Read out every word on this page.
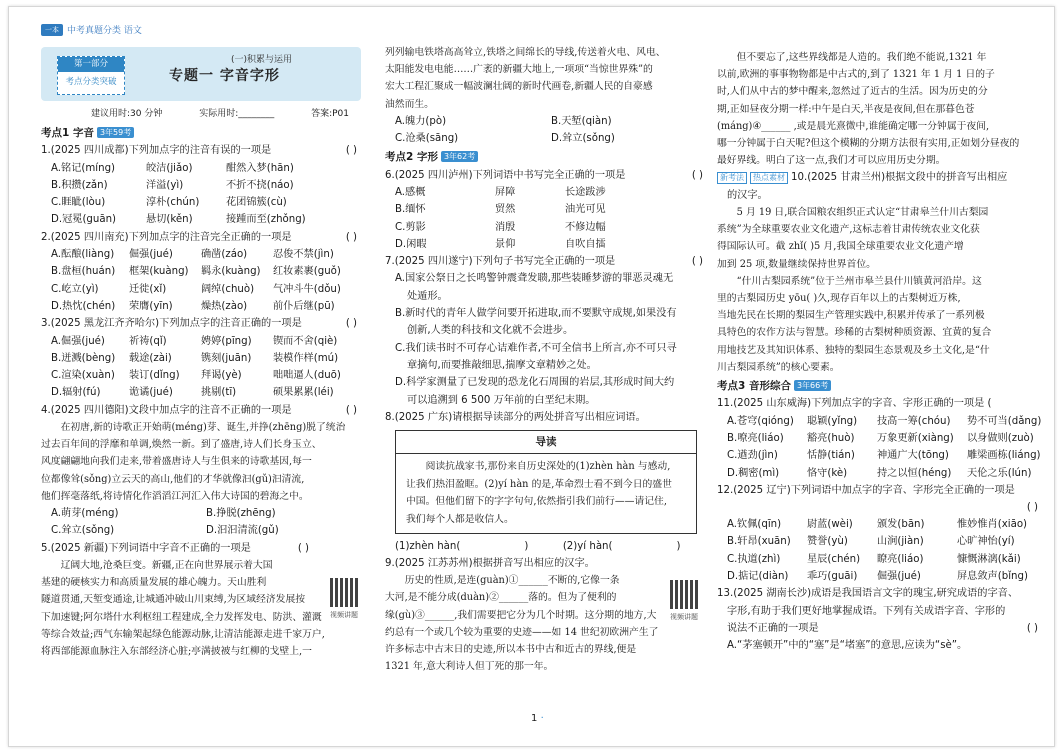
一本 中考真题分类 语文
第一部分
考点分类突破
(一)积累与运用
专题一 字音字形
建议用时:30 分钟	实际用时:________	答案:P01
考点1 字音 3年59考
1.(2025 四川成都)下列加点字的注音有误的一项是	( )
A.铭记(míng)	皎洁(jiǎo)	酣然入梦(hān)
B.积攒(zǎn)	洋溢(yì)	不折不挠(náo)
C.睚眦(lòu)	淳朴(chún)	花团锦簇(cù)
D.冠冕(guān)	悬切(kěn)	接踵而至(zhǒng)
2.(2025 四川南充)下列加点字的注音完全正确的一项是	( )
A.酝酿(liàng) 倔强(jué)	确凿(záo)	忍俊不禁(jìn)
B.盘桓(huán) 框架(kuàng) 羁永(kuàng) 红妆素裹(guǒ)
C.屹立(yì)	迁徙(xǐ)	阔绰(chuò) 气冲斗牛(dǒu)
D.热忱(chén) 荣膺(yīn)	燥热(zào)	前仆后继(pū)
3.(2025 黑龙江齐齐哈尔)下列加点字的注音正确的一项是	( )
A.倔强(jué) 祈祷(qǐ)	娉婷(pīng) 锲而不舍(qiè)
B.迸溅(bèng) 载途(zài)	镌刻(juān) 装模作样(mú)
C.渲染(xuàn) 装订(dǐng) 拜谒(yè)	咄咄逼人(duō)
D.辐射(fú)	诡谲(jué)	挑剔(tī)	硕果累累(léi)
4.(2025 四川德阳)文段中加点字的注音不正确的一项是	( )
在初唐,新的诗歌正开始萌(méng)芽、诞生,并挣(zhēng)脱了统治
过去百年间的浮靡和单调,焕然一新。到了盛唐,诗人们长身玉立、
风度翩翩地向我们走来,带着盛唐诗人与生俱来的诗歌基因,每一
位都像耸(sǒng)立云天的高山,他们的才华就像汩(gǔ)汩清流,
他们挥毫落纸,将诗情化作滔滔江河汇入伟大诗国的碧海之中。
A.萌芽(méng)	B.挣脱(zhēng)
C.耸立(sǒng)	D.汩汩清流(gǔ)
5.(2025 新疆)下列词语中字音不正确的一项是	( )
辽阔大地,沧桑巨变。新疆,正在向世界展示着大国
基建的硬核实力和高质量发展的雄心魄力。天山胜利
隧道贯通,天堑变通途,让城通冲破山川束缚,为区域经济发展按
下加速键;阿尔塔什水利枢纽工程建成,全力发挥发电、防洪、灌溉
等综合效益;西气东输架起绿色能源动脉,让清洁能源走进千家万户,
将西部能源血脉注入东部经济心脏;亭满披被与红柳的戈壁上,一
视频讲题
列列输电铁塔高高耸立,铁塔之间绵长的导线,传送着火电、风电、
太阳能发电电能……广袤的新疆大地上,一项项“当惊世界殊”的
宏大工程汇聚成一幅波澜壮阔的新时代画卷,新疆人民的自豪感
油然而生。
A.魄力(pò)	B.天堑(qiàn)
C.沧桑(sāng)	D.耸立(sǒng)
考点2 字形 3年62考
6.(2025 四川泸州)下列词语中书写完全正确的一项是	( )
A.感概	屏障	长途跋涉
B.缅怀	贸然	油光可见
C.剪影	消殷	不修边幅
D.闲暇	景仰	自吹自擂
7.(2025 四川遂宁)下列句子书写完全正确的一项是	( )
A.国家公祭日之长鸣警钟震聋发聩,那些装睡梦游的罪恶灵魂无
处遁形。
B.新时代的青年人做学问要开拓进取,而不要默守成规,如果没有
创新,人类的科技和文化就不会进步。
C.我们读书时不可存心诘难作者,不可全信书上所言,亦不可只寻
章摘句,而要推敲细思,揣摩文章精妙之处。
D.科学家测量了已发现的恐龙化石周围的岩层,其形成时间大约
可以追溯到 6 500 万年前的白垩纪末期。
8.(2025 广东)请根据导读部分的两处拼音写出相应词语。
导读
阅读抗战家书,那份来自历史深处的(1)zhèn hàn 与感动,
让我们热泪盈眶。(2)yí hàn 的是,革命烈士看不到今日的盛世
中国。但他们留下的字字句句,依然指引我们前行——请记住,
我们每个人都是收信人。
(1)zhèn hàn(	)	(2)yí hàn(	)
9.(2025 江苏苏州)根据拼音写出相应的汉字。
历史的性质,是连(guàn)①______不断的,它像一条
大河,是不能分成(duàn)②______落的。但为了便利的
缘(gù)③______,我们需要把它分为几个时期。这分期的地方,大
约总有一个或几个较为重要的史迹——如 14 世纪初欧洲产生了
许多标志中古末日的史迹,所以本书中古和近古的界线,便是
1321 年,意大利诗人但丁死的那一年。
视频讲题
但不要忘了,这些界线都是人造的。我们绝不能说,1321 年
以前,欧洲的事事物物都是中古式的,到了 1321 年 1 月 1 日的子
时,人们从中古的梦中醒来,忽然过了近古的生活。因为历史的分
期,正如昼夜分期一样:中午是白天,半夜是夜间,但在那暮色苍
(máng)④______ ,或是晨光熹微中,谁能确定哪一分钟属于夜间,
哪一分钟属于白天呢?但这个模糊的分期方法很有实用,正如划分昼夜的
最好界线。明白了这一点,我们才可以应用历史分期。
新考法 热点素材 10.(2025 甘肃兰州)根据文段中的拼音写出相应
的汉字。
5 月 19 日,联合国粮农组织正式认定“甘肃皋兰什川古梨园
系统”为全球重要农业文化遗产,这标志着甘肃传统农业文化获
得国际认可。截 zhǐ( )5 月,我国全球重要农业文化遗产增
加到 25 项,数量继续保持世界首位。
“什川古梨园系统”位于兰州市皋兰县什川镇黄河沿岸。这
里的古梨园历史 yōu( )久,现存百年以上的古梨树近万株,
当地先民在长期的梨园生产管理实践中,积累并传承了一系列极
具特色的农作方法与智慧。珍稀的古梨树种质资源、宜黄的复合
用地技艺及其知识体系、独特的梨园生态景观及乡土文化,是“什
川古梨园系统”的核心要素。
考点3 音形综合 3年66考
11.(2025 山东威海)下列加点字的字音、字形正确的一项是 (
A.苍穹(qióng) 聪颖(yǐng) 技高一筹(chóu) 势不可当(dǎng)
B.嘹亮(liáo) 豁亮(huò) 万象更新(xiàng) 以身做则(zuò)
C.遒劲(jìn)	恬静(tián) 神通广大(tōng) 雕梁画栋(liáng)
D.稠密(mì)	恪守(kè)	持之以恒(héng) 天伦之乐(lún)
12.(2025 辽宁)下列词语中加点字的字音、字形完全正确的一项是
( )
A.钦佩(qīn)	尉蓝(wèi) 颁发(bān)	惟妙惟肖(xiāo)
B.轩昂(xuān) 赞誉(yù)	山涧(jiàn)	心旷神怡(yí)
C.执道(zhì)	星辰(chén) 瞭亮(liáo)	慷慨淋漓(kǎi)
D.掂记(diàn) 乖巧(guāi) 倔强(jué)	屏息敛声(bǐng)
13.(2025 湖南长沙)成语是我国语言文字的瑰宝,研究成语的字音、
字形,有助于我们更好地掌握成语。下列有关成语字音、字形的
说法不正确的一项是	( )
A.“茅塞顿开”中的“塞”是“堵塞”的意思,应读为“sè”。
1 ·
